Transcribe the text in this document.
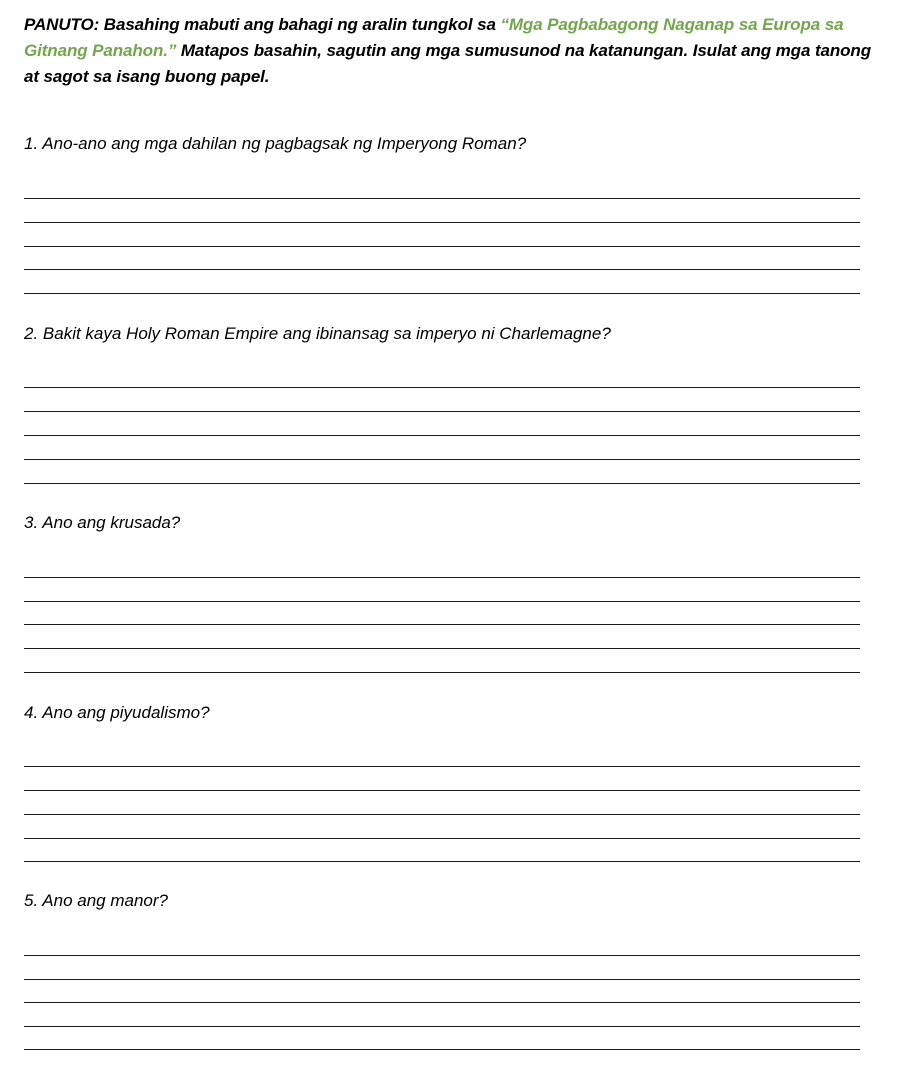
PANUTO: Basahing mabuti ang bahagi ng aralin tungkol sa “Mga Pagbabagong Naganap sa Europa sa Gitnang Panahon.” Matapos basahin, sagutin ang mga sumusunod na katanungan. Isulat ang mga tanong at sagot sa isang buong papel.
1. Ano-ano ang mga dahilan ng pagbagsak ng Imperyong Roman?
2. Bakit kaya Holy Roman Empire ang ibinansag sa imperyo ni Charlemagne?
3. Ano ang krusada?
4. Ano ang piyudalismo?
5. Ano ang manor?
